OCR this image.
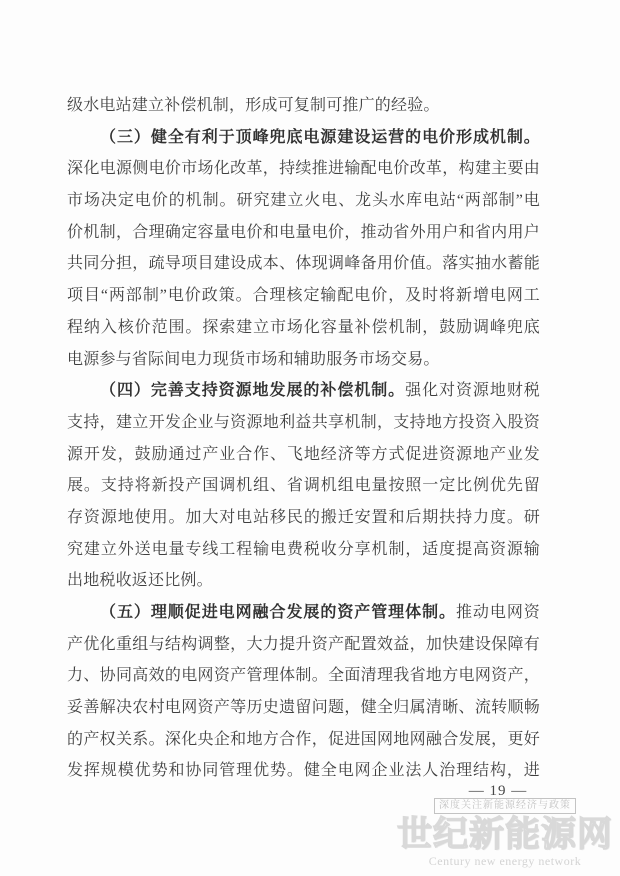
级水电站建立补偿机制，形成可复制可推广的经验。
（三）健全有利于顶峰兜底电源建设运营的电价形成机制。
深化电源侧电价市场化改革，持续推进输配电价改革，构建主要由
市场决定电价的机制。研究建立火电、龙头水库电站“两部制”电
价机制，合理确定容量电价和电量电价，推动省外用户和省内用户
共同分担，疏导项目建设成本、体现调峰备用价值。落实抽水蓄能
项目“两部制”电价政策。合理核定输配电价，及时将新增电网工
程纳入核价范围。探索建立市场化容量补偿机制，鼓励调峰兜底
电源参与省际间电力现货市场和辅助服务市场交易。
（四）完善支持资源地发展的补偿机制。强化对资源地财税
支持，建立开发企业与资源地利益共享机制，支持地方投资入股资
源开发，鼓励通过产业合作、飞地经济等方式促进资源地产业发
展。支持将新投产国调机组、省调机组电量按照一定比例优先留
存资源地使用。加大对电站移民的搬迁安置和后期扶持力度。研
究建立外送电量专线工程输电费税收分享机制，适度提高资源输
出地税收返还比例。
（五）理顺促进电网融合发展的资产管理体制。推动电网资
产优化重组与结构调整，大力提升资产配置效益，加快建设保障有
力、协同高效的电网资产管理体制。全面清理我省地方电网资产，
妥善解决农村电网资产等历史遗留问题，健全归属清晰、流转顺畅
的产权关系。深化央企和地方合作，促进国网地网融合发展，更好
发挥规模优势和协同管理优势。健全电网企业法人治理结构，进
— 19 —
深度关注新能源经济与政策
世纪新能源网
Century new energy network
